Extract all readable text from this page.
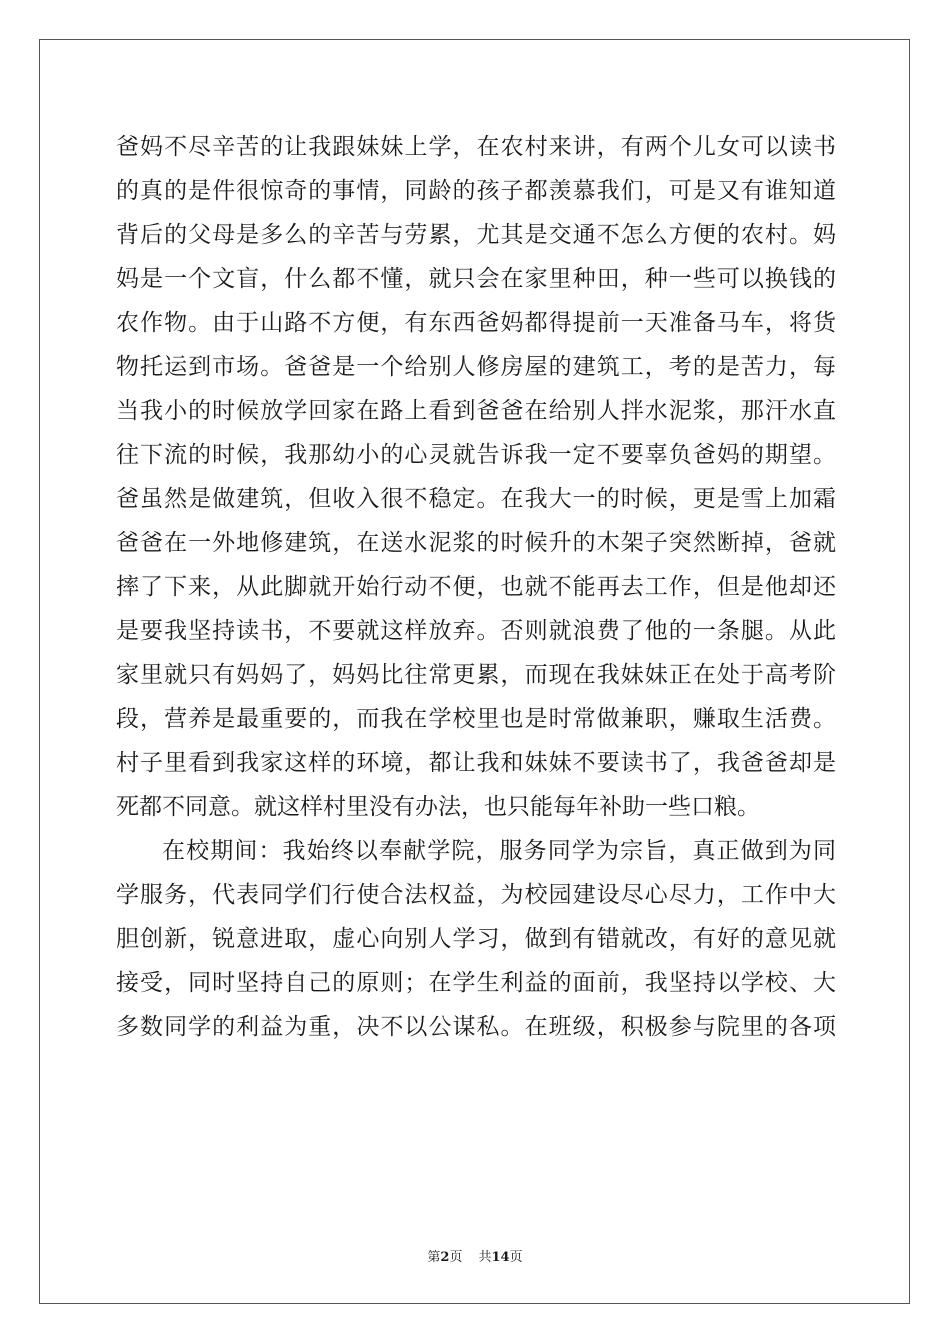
爸妈不尽辛苦的让我跟妹妹上学，在农村来讲，有两个儿女可以读书
的真的是件很惊奇的事情，同龄的孩子都羡慕我们，可是又有谁知道
背后的父母是多么的辛苦与劳累，尤其是交通不怎么方便的农村。妈
妈是一个文盲，什么都不懂，就只会在家里种田，种一些可以换钱的
农作物。由于山路不方便，有东西爸妈都得提前一天准备马车，将货
物托运到市场。爸爸是一个给别人修房屋的建筑工，考的是苦力，每
当我小的时候放学回家在路上看到爸爸在给别人拌水泥浆，那汗水直
往下流的时候，我那幼小的心灵就告诉我一定不要辜负爸妈的期望。
爸虽然是做建筑，但收入很不稳定。在我大一的时候，更是雪上加霜
爸爸在一外地修建筑，在送水泥浆的时候升的木架子突然断掉，爸就
摔了下来，从此脚就开始行动不便，也就不能再去工作，但是他却还
是要我坚持读书，不要就这样放弃。否则就浪费了他的一条腿。从此
家里就只有妈妈了，妈妈比往常更累，而现在我妹妹正在处于高考阶
段，营养是最重要的，而我在学校里也是时常做兼职，赚取生活费。
村子里看到我家这样的环境，都让我和妹妹不要读书了，我爸爸却是
死都不同意。就这样村里没有办法，也只能每年补助一些口粮。
在校期间：我始终以奉献学院，服务同学为宗旨，真正做到为同
学服务，代表同学们行使合法权益，为校园建设尽心尽力，工作中大
胆创新，锐意进取，虚心向别人学习，做到有错就改，有好的意见就
接受，同时坚持自己的原则；在学生利益的面前，我坚持以学校、大
多数同学的利益为重，决不以公谋私。在班级，积极参与院里的各项
第2页 共14页
